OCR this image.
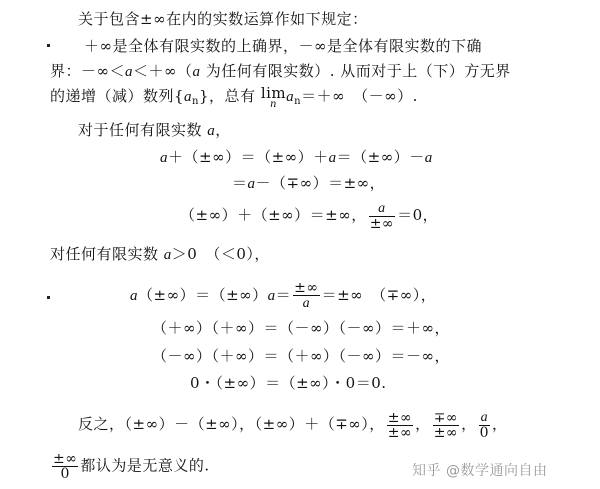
关于包含±∞在内的实数运算作如下规定：
＋∞是全体有限实数的上确界，－∞是全体有限实数的下确
界：－∞＜a＜＋∞（a 为任何有限实数）. 从而对于上（下）方无界
的递增（减）数列$\{a_n\}$，总有 lim
n $a_n=+\infty$　（－∞）.
对于任何有限实数 a，
a＋（±∞）＝（±∞）＋a＝（±∞）－a
＝a－（∓∞）＝±∞，
（±∞）＋（±∞）＝±∞， $\frac{a}{\pm\infty} =0$，
对任何有限实数 a＞0　（＜0），
$a(\pm\infty)=(\pm\infty)a= \frac{\pm\infty}{a}$ ＝±∞　（∓∞），
（＋∞）（＋∞）＝（－∞）（－∞）＝＋∞，
（－∞）（＋∞）＝（＋∞）（－∞）＝－∞，
0・（±∞）＝（±∞）・0＝0.
反之，（±∞）－（±∞），（±∞）＋（∓∞）， $\frac{\pm\infty}{\pm\infty}$ ， $\frac{\mp\infty}{\pm\infty}$ ， $\frac{a}{0}$ ，
$\frac{\pm\infty}{0}$ 都认为是无意义的.	知乎 @数学通向自由
